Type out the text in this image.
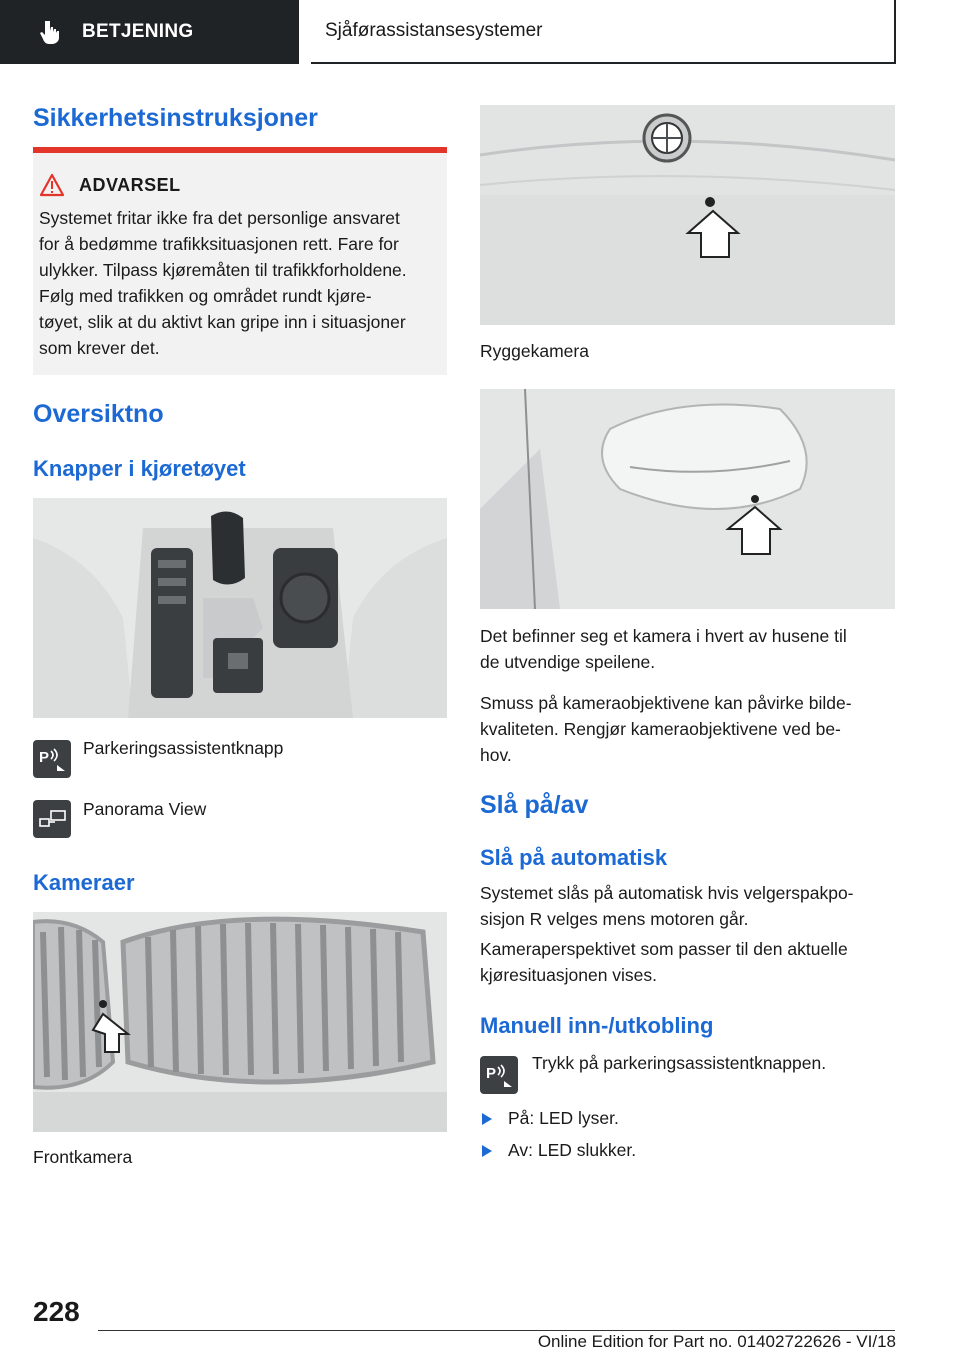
BETJENING	Sjåførassistansesystemer
Sikkerhetsinstruksjoner
ADVARSEL
Systemet fritar ikke fra det personlige ansvaret
for å bedømme trafikksituasjonen rett. Fare for
ulykker. Tilpass kjøremåten til trafikkforholdene.
Følg med trafikken og området rundt kjøre-
tøyet, slik at du aktivt kan gripe inn i situasjoner
som krever det.
Oversiktno
Knapper i kjøretøyet
P Parkeringsassistentknapp
Panorama View
Kameraer
Frontkamera
Ryggekamera
Det befinner seg et kamera i hvert av husene til
de utvendige speilene.
Smuss på kameraobjektivene kan påvirke bilde-
kvaliteten. Rengjør kameraobjektivene ved be-
hov.
Slå på/av
Slå på automatisk
Systemet slås på automatisk hvis velgerspakpo-
sisjon R velges mens motoren går.
Kameraperspektivet som passer til den aktuelle
kjøresituasjonen vises.
Manuell inn-/utkobling
P
Trykk på parkeringsassistentknappen.
På: LED lyser.
Av: LED slukker.
228
Online Edition for Part no. 01402722626 - VI/18
